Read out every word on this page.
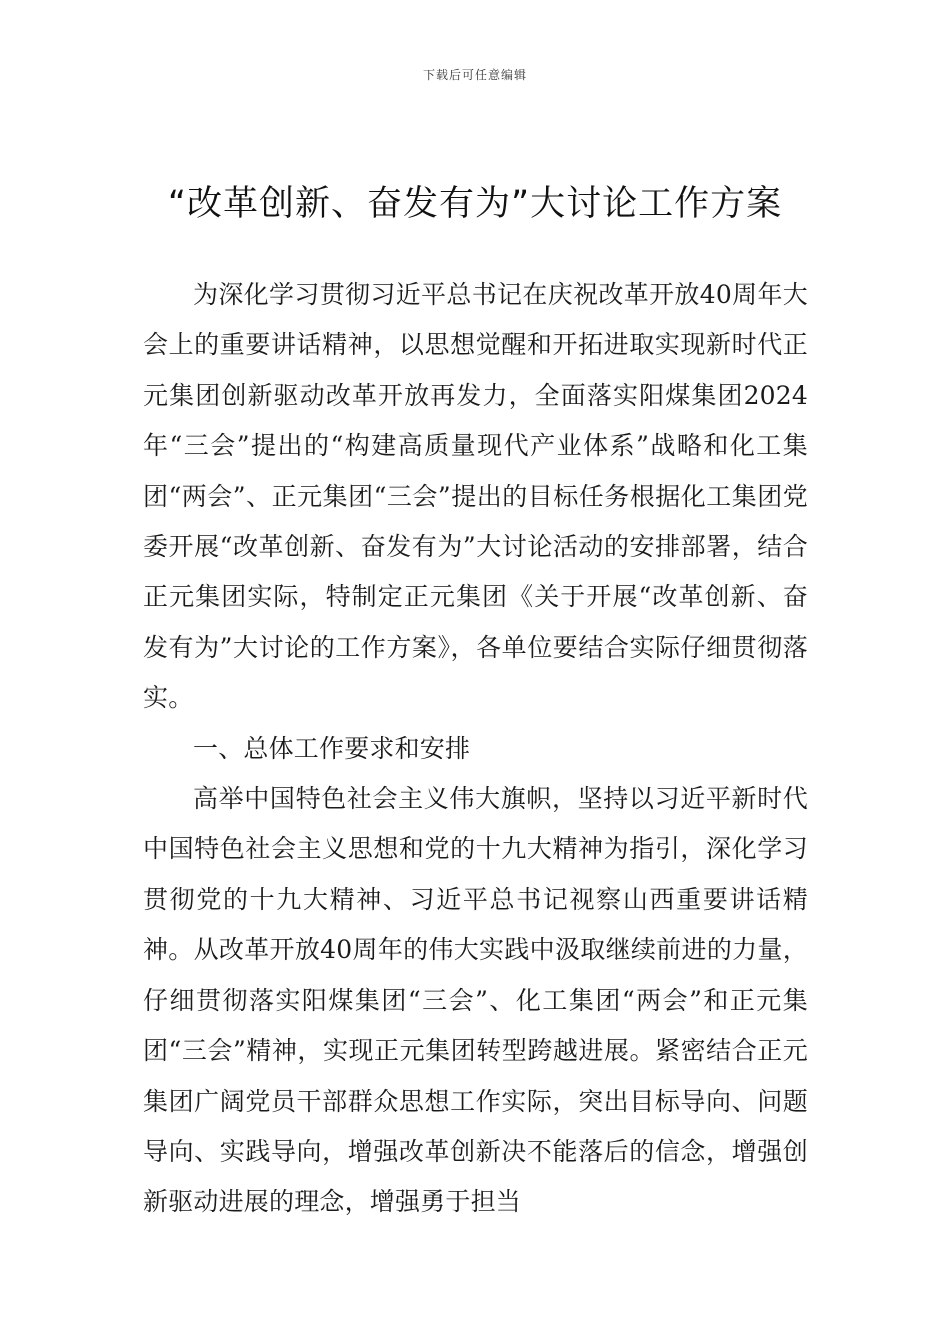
下载后可任意编辑
“改革创新、奋发有为”大讨论工作方案

为深化学习贯彻习近平总书记在庆祝改革开放40周年大会上的重要讲话精神，以思想觉醒和开拓进取实现新时代正元集团创新驱动改革开放再发力，全面落实阳煤集团2024年“三会”提出的“构建高质量现代产业体系”战略和化工集团“两会”、正元集团“三会”提出的目标任务根据化工集团党委开展“改革创新、奋发有为”大讨论活动的安排部署，结合正元集团实际，特制定正元集团《关于开展“改革创新、奋发有为”大讨论的工作方案》，各单位要结合实际仔细贯彻落实。

一、总体工作要求和安排

高举中国特色社会主义伟大旗帜，坚持以习近平新时代中国特色社会主义思想和党的十九大精神为指引，深化学习贯彻党的十九大精神、习近平总书记视察山西重要讲话精神。从改革开放40周年的伟大实践中汲取继续前进的力量，仔细贯彻落实阳煤集团“三会”、化工集团“两会”和正元集团“三会”精神，实现正元集团转型跨越进展。紧密结合正元集团广阔党员干部群众思想工作实际，突出目标导向、问题导向、实践导向，增强改革创新决不能落后的信念，增强创新驱动进展的理念，增强勇于担当
